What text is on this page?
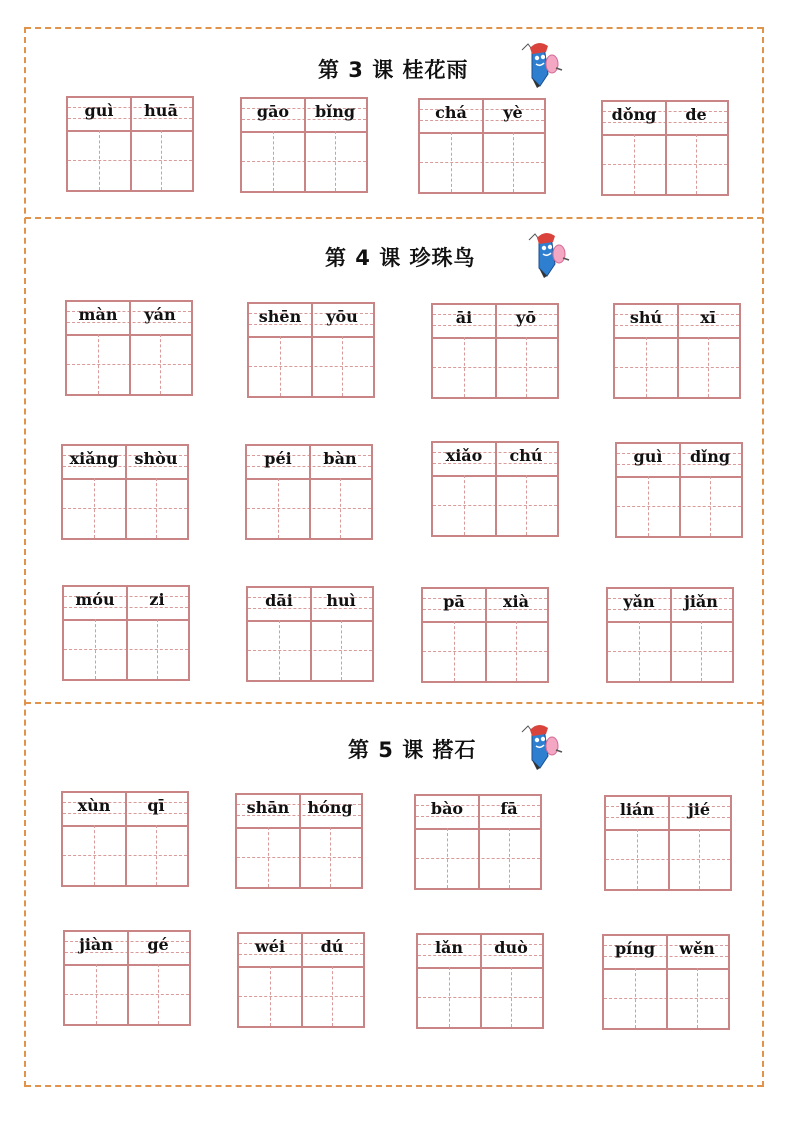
第 3 课 桂花雨
第 4 课 珍珠鸟
第 5 课 搭石
guì	huā	gāo	bǐng	chá	yè	dǒng	de
màn	yán	shēn	yōu	āi	yō	shú	xī
xiǎng	shòu	péi	bàn	xiǎo	chú	guì	dǐng
móu	zi	dāi	huì	pā	xià	yǎn	jiǎn
xùn	qī	shān	hóng	bào	fā	lián	jié
jiàn	gé	wéi	dú	lǎn	duò	píng	wěn
